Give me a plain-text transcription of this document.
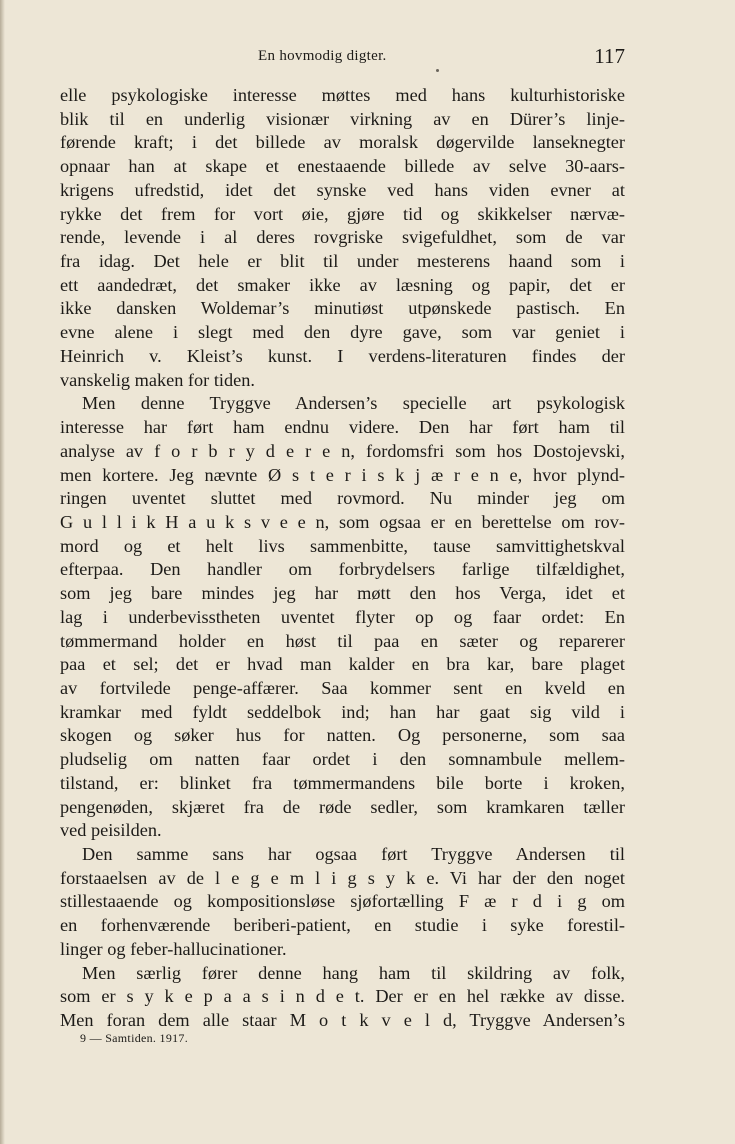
En hovmodig digter.	117
elle psykologiske interesse møttes med hans kulturhistoriske
blik til en underlig visionær virkning av en Dürer’s linje-
førende kraft; i det billede av moralsk døgervilde lanseknegter
opnaar han at skape et enestaaende billede av selve 30-aars-
krigens ufredstid, idet det synske ved hans viden evner at
rykke det frem for vort øie, gjøre tid og skikkelser nærvæ-
rende, levende i al deres rovgriske svigefuldhet, som de var
fra idag. Det hele er blit til under mesterens haand som i
ett aandedræt, det smaker ikke av læsning og papir, det er
ikke dansken Woldemar’s minutiøst utpønskede pastisch. En
evne alene i slegt med den dyre gave, som var geniet i
Heinrich v. Kleist’s kunst. I verdens-literaturen findes der
vanskelig maken for tiden.
Men denne Tryggve Andersen’s specielle art psykologisk
interesse har ført ham endnu videre. Den har ført ham til
analyse av f o r b r y d e r e n, fordomsfri som hos Dostojevski,
men kortere. Jeg nævnte Ø s t e r i s k j æ r e n e, hvor plynd-
ringen uventet sluttet med rovmord. Nu minder jeg om
G u l l i k H a u k s v e e n, som ogsaa er en berettelse om rov-
mord og et helt livs sammenbitte, tause samvittighetskval
efterpaa. Den handler om forbrydelsers farlige tilfældighet,
som jeg bare mindes jeg har møtt den hos Verga, idet et
lag i underbevisstheten uventet flyter op og faar ordet: En
tømmermand holder en høst til paa en sæter og reparerer
paa et sel; det er hvad man kalder en bra kar, bare plaget
av fortvilede penge-affærer. Saa kommer sent en kveld en
kramkar med fyldt seddelbok ind; han har gaat sig vild i
skogen og søker hus for natten. Og personerne, som saa
pludselig om natten faar ordet i den somnambule mellem-
tilstand, er: blinket fra tømmermandens bile borte i kroken,
pengenøden, skjæret fra de røde sedler, som kramkaren tæller
ved peisilden.
Den samme sans har ogsaa ført Tryggve Andersen til
forstaaelsen av de l e g e m l i g s y k e. Vi har der den noget
stillestaaende og kompositionsløse sjøfortælling F æ r d i g om
en forhenværende beriberi-patient, en studie i syke forestil-
linger og feber-hallucinationer.
Men særlig fører denne hang ham til skildring av folk,
som er s y k e p a a s i n d e t. Der er en hel række av disse.
Men foran dem alle staar M o t k v e l d, Tryggve Andersen’s
9 — Samtiden. 1917.
